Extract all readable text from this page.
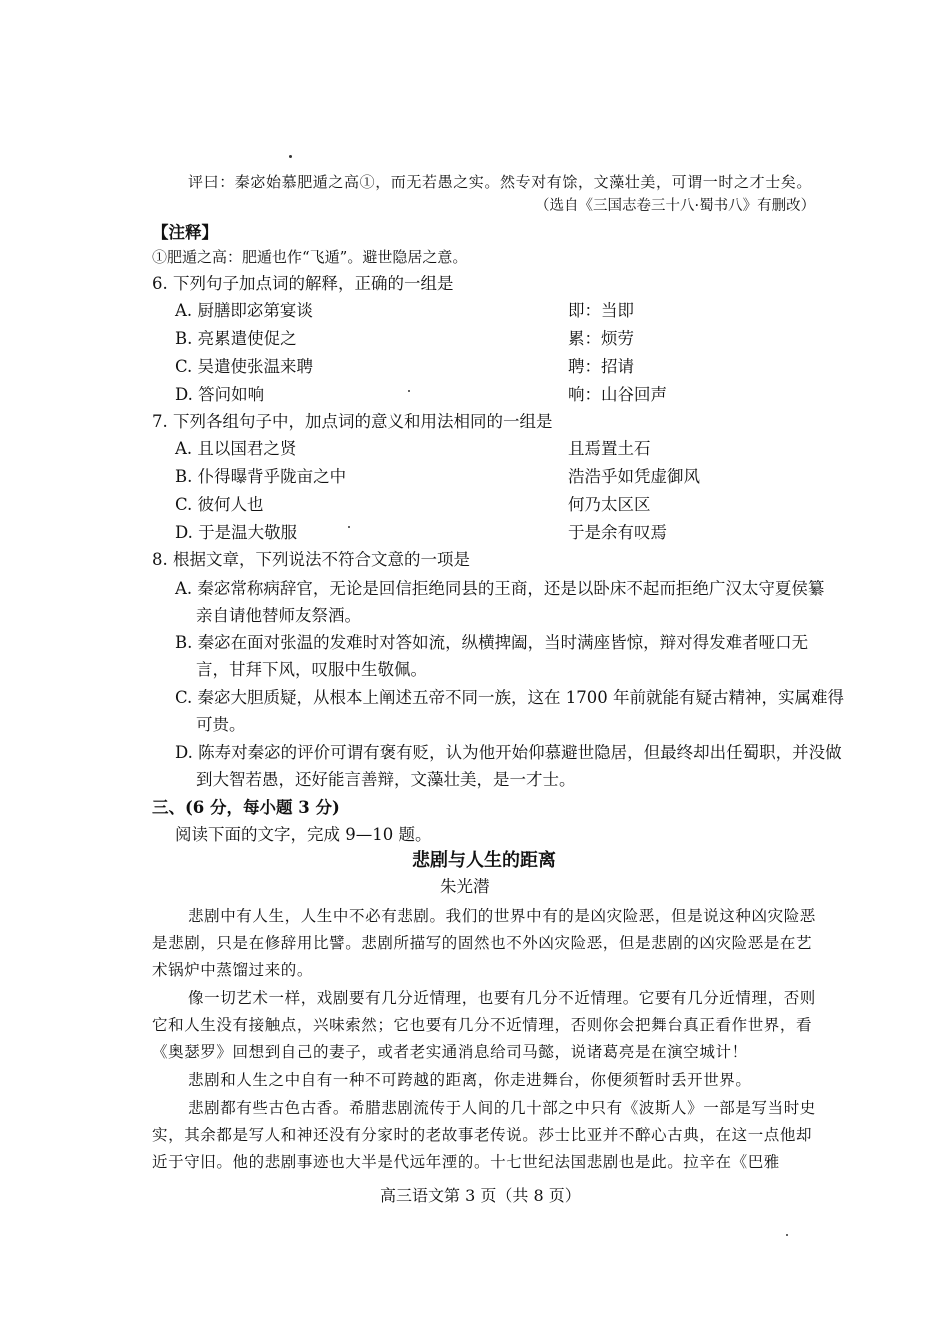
评曰：秦宓始慕肥遁之高①，而无若愚之实。然专对有馀，文藻壮美，可谓一时之才士矣。
（选自《三国志卷三十八·蜀书八》有删改）
【注释】
①肥遁之高：肥遁也作“飞遁”。避世隐居之意。
6. 下列句子加点词的解释，正确的一组是
A. 厨膳即宓第宴谈	即：当即
B. 亮累遣使促之	累：烦劳
C. 吴遣使张温来聘	聘：招请
D. 答问如响	响：山谷回声
7. 下列各组句子中，加点词的意义和用法相同的一组是
A. 且以国君之贤	且焉置土石
B. 仆得曝背乎陇亩之中	浩浩乎如凭虚御风
C. 彼何人也	何乃太区区
D. 于是温大敬服	于是余有叹焉
8. 根据文章，下列说法不符合文意的一项是
A. 秦宓常称病辞官，无论是回信拒绝同县的王商，还是以卧床不起而拒绝广汉太守夏侯纂
亲自请他替师友祭酒。
B. 秦宓在面对张温的发难时对答如流，纵横捭阖，当时满座皆惊，辩对得发难者哑口无
言，甘拜下风，叹服中生敬佩。
C. 秦宓大胆质疑，从根本上阐述五帝不同一族，这在 1700 年前就能有疑古精神，实属难得
可贵。
D. 陈寿对秦宓的评价可谓有褒有贬，认为他开始仰慕避世隐居，但最终却出任蜀职，并没做
到大智若愚，还好能言善辩，文藻壮美，是一才士。
三、(6 分，每小题 3 分)
阅读下面的文字，完成 9—10 题。
悲剧与人生的距离
朱光潜
悲剧中有人生，人生中不必有悲剧。我们的世界中有的是凶灾险恶，但是说这种凶灾险恶
是悲剧，只是在修辞用比譬。悲剧所描写的固然也不外凶灾险恶，但是悲剧的凶灾险恶是在艺
术锅炉中蒸馏过来的。
像一切艺术一样，戏剧要有几分近情理，也要有几分不近情理。它要有几分近情理，否则
它和人生没有接触点，兴味索然；它也要有几分不近情理，否则你会把舞台真正看作世界，看
《奥瑟罗》回想到自己的妻子，或者老实通消息给司马懿，说诸葛亮是在演空城计！
悲剧和人生之中自有一种不可跨越的距离，你走进舞台，你便须暂时丢开世界。
悲剧都有些古色古香。希腊悲剧流传于人间的几十部之中只有《波斯人》一部是写当时史
实，其余都是写人和神还没有分家时的老故事老传说。莎士比亚并不醉心古典，在这一点他却
近于守旧。他的悲剧事迹也大半是代远年湮的。十七世纪法国悲剧也是此。拉辛在《巴雅
高三语文第 3 页（共 8 页）
